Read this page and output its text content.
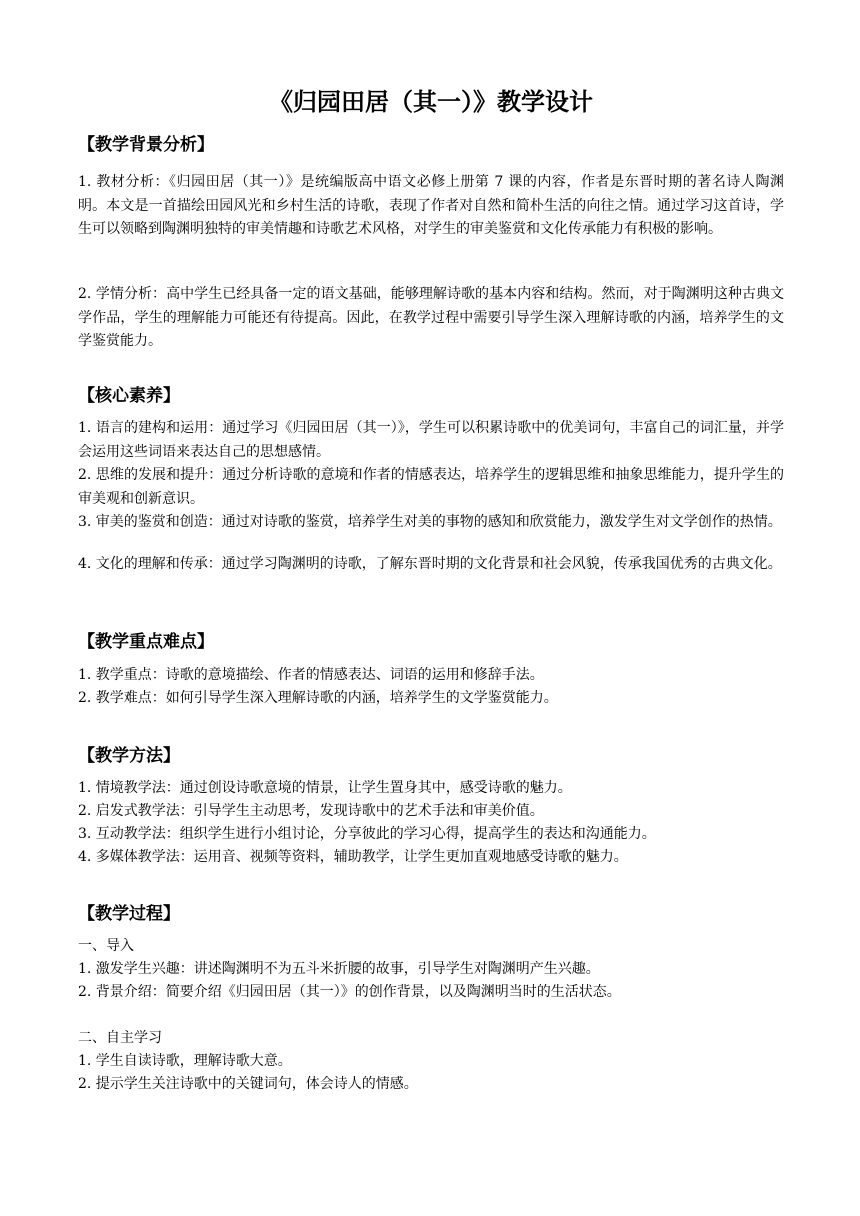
《归园田居（其一）》教学设计
【教学背景分析】

1. 教材分析：《归园田居（其一）》是统编版高中语文必修上册第 7 课的内容，作者是东晋时期的著名诗人陶渊明。本文是一首描绘田园风光和乡村生活的诗歌，表现了作者对自然和简朴生活的向往之情。通过学习这首诗，学生可以领略到陶渊明独特的审美情趣和诗歌艺术风格，对学生的审美鉴赏和文化传承能力有积极的影响。

2. 学情分析：高中学生已经具备一定的语文基础，能够理解诗歌的基本内容和结构。然而，对于陶渊明这种古典文学作品，学生的理解能力可能还有待提高。因此，在教学过程中需要引导学生深入理解诗歌的内涵，培养学生的文学鉴赏能力。

【核心素养】

1. 语言的建构和运用：通过学习《归园田居（其一）》，学生可以积累诗歌中的优美词句，丰富自己的词汇量，并学会运用这些词语来表达自己的思想感情。

2. 思维的发展和提升：通过分析诗歌的意境和作者的情感表达，培养学生的逻辑思维和抽象思维能力，提升学生的审美观和创新意识。

3. 审美的鉴赏和创造：通过对诗歌的鉴赏，培养学生对美的事物的感知和欣赏能力，激发学生对文学创作的热情。

4. 文化的理解和传承：通过学习陶渊明的诗歌，了解东晋时期的文化背景和社会风貌，传承我国优秀的古典文化。

【教学重点难点】

1. 教学重点：诗歌的意境描绘、作者的情感表达、词语的运用和修辞手法。

2. 教学难点：如何引导学生深入理解诗歌的内涵，培养学生的文学鉴赏能力。

【教学方法】

1. 情境教学法：通过创设诗歌意境的情景，让学生置身其中，感受诗歌的魅力。

2. 启发式教学法：引导学生主动思考，发现诗歌中的艺术手法和审美价值。

3. 互动教学法：组织学生进行小组讨论，分享彼此的学习心得，提高学生的表达和沟通能力。

4. 多媒体教学法：运用音、视频等资料，辅助教学，让学生更加直观地感受诗歌的魅力。

【教学过程】

一、导入

1. 激发学生兴趣：讲述陶渊明不为五斗米折腰的故事，引导学生对陶渊明产生兴趣。

2. 背景介绍：简要介绍《归园田居（其一）》的创作背景，以及陶渊明当时的生活状态。

二、自主学习

1. 学生自读诗歌，理解诗歌大意。

2. 提示学生关注诗歌中的关键词句，体会诗人的情感。
